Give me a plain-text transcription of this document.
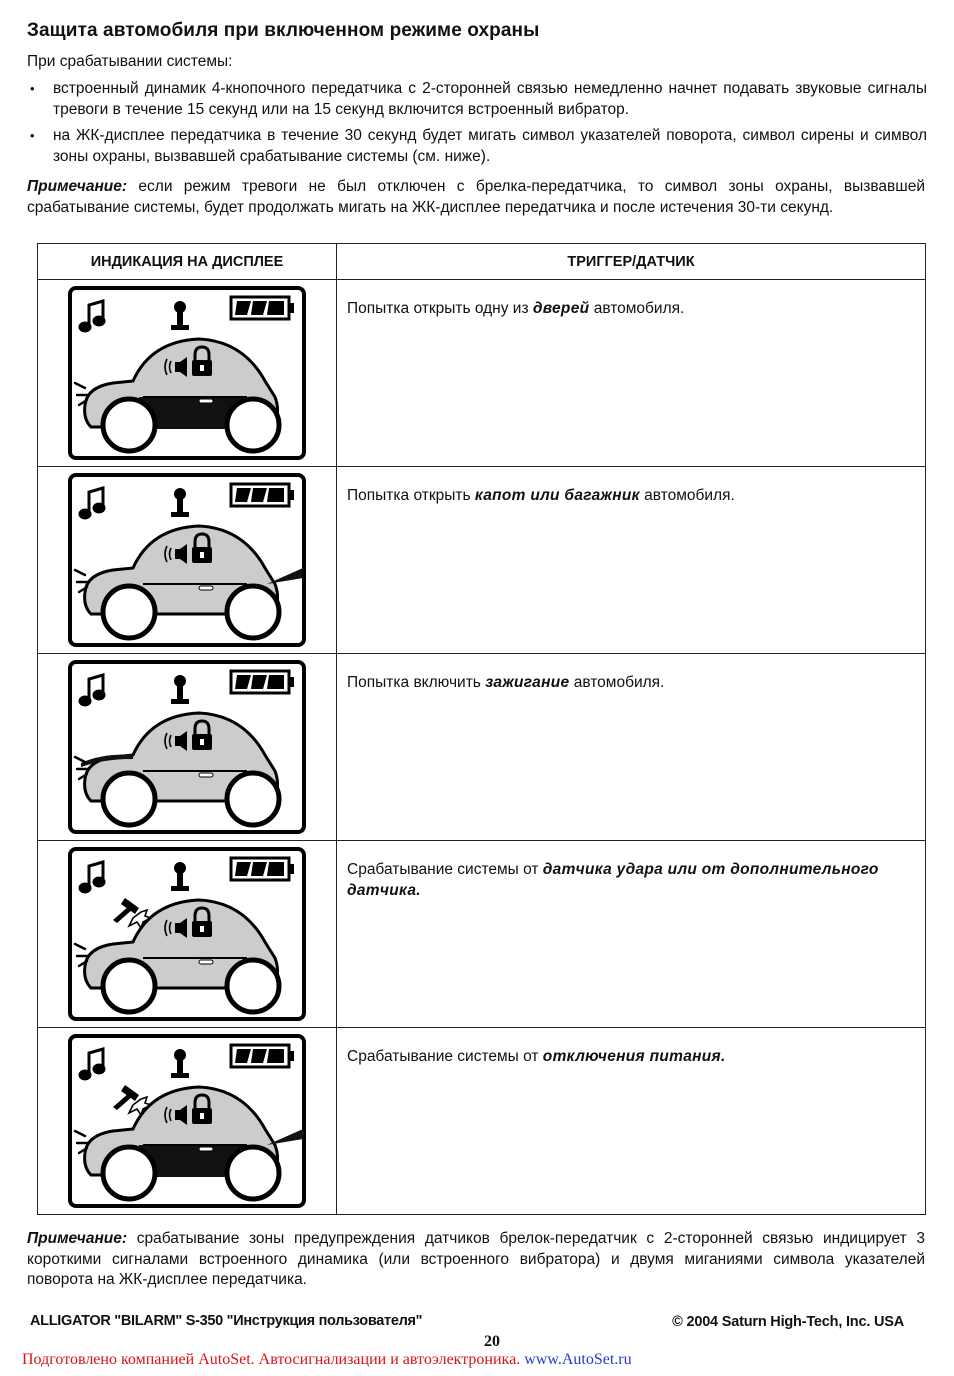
Защита автомобиля при включенном режиме охраны

При срабатывании системы:

• встроенный динамик 4-кнопочного передатчика с 2-сторонней связью немедленно начнет подавать звуковые сигналы тревоги в течение 15 секунд или на 15 секунд включится встроенный вибратор.
• на ЖК-дисплее передатчика в течение 30 секунд будет мигать символ указателей поворота, символ сирены и символ зоны охраны, вызвавшей срабатывание системы (см. ниже).

Примечание: если режим тревоги не был отключен с брелка-передатчика, то символ зоны охраны, вызвавшей срабатывание системы, будет продолжать мигать на ЖК-дисплее передатчика и после истечения 30-ти секунд.

ИНДИКАЦИЯ НА ДИСПЛЕЕ	ТРИГГЕР/ДАТЧИК

	Попытка открыть одну из дверей автомобиля.

	Попытка открыть капот или багажник автомобиля.

	Попытка включить зажигание автомобиля.

	Срабатывание системы от датчика удара или от дополнительного датчика.

	Срабатывание системы от отключения питания.
ALLIGATOR "BILARM" S-350 "Инструкция пользователя"	© 2004 Saturn High-Tech, Inc. USA
20
Подготовлено компанией AutoSet. Автосигнализации и автоэлектроника. www.AutoSet.ru

Примечание: срабатывание зоны предупреждения датчиков брелок-передатчик с 2-сторонней связью индицирует 3 короткими сигналами встроенного динамика (или встроенного вибратора) и двумя миганиями символа указателей поворота на ЖК-дисплее передатчика.
